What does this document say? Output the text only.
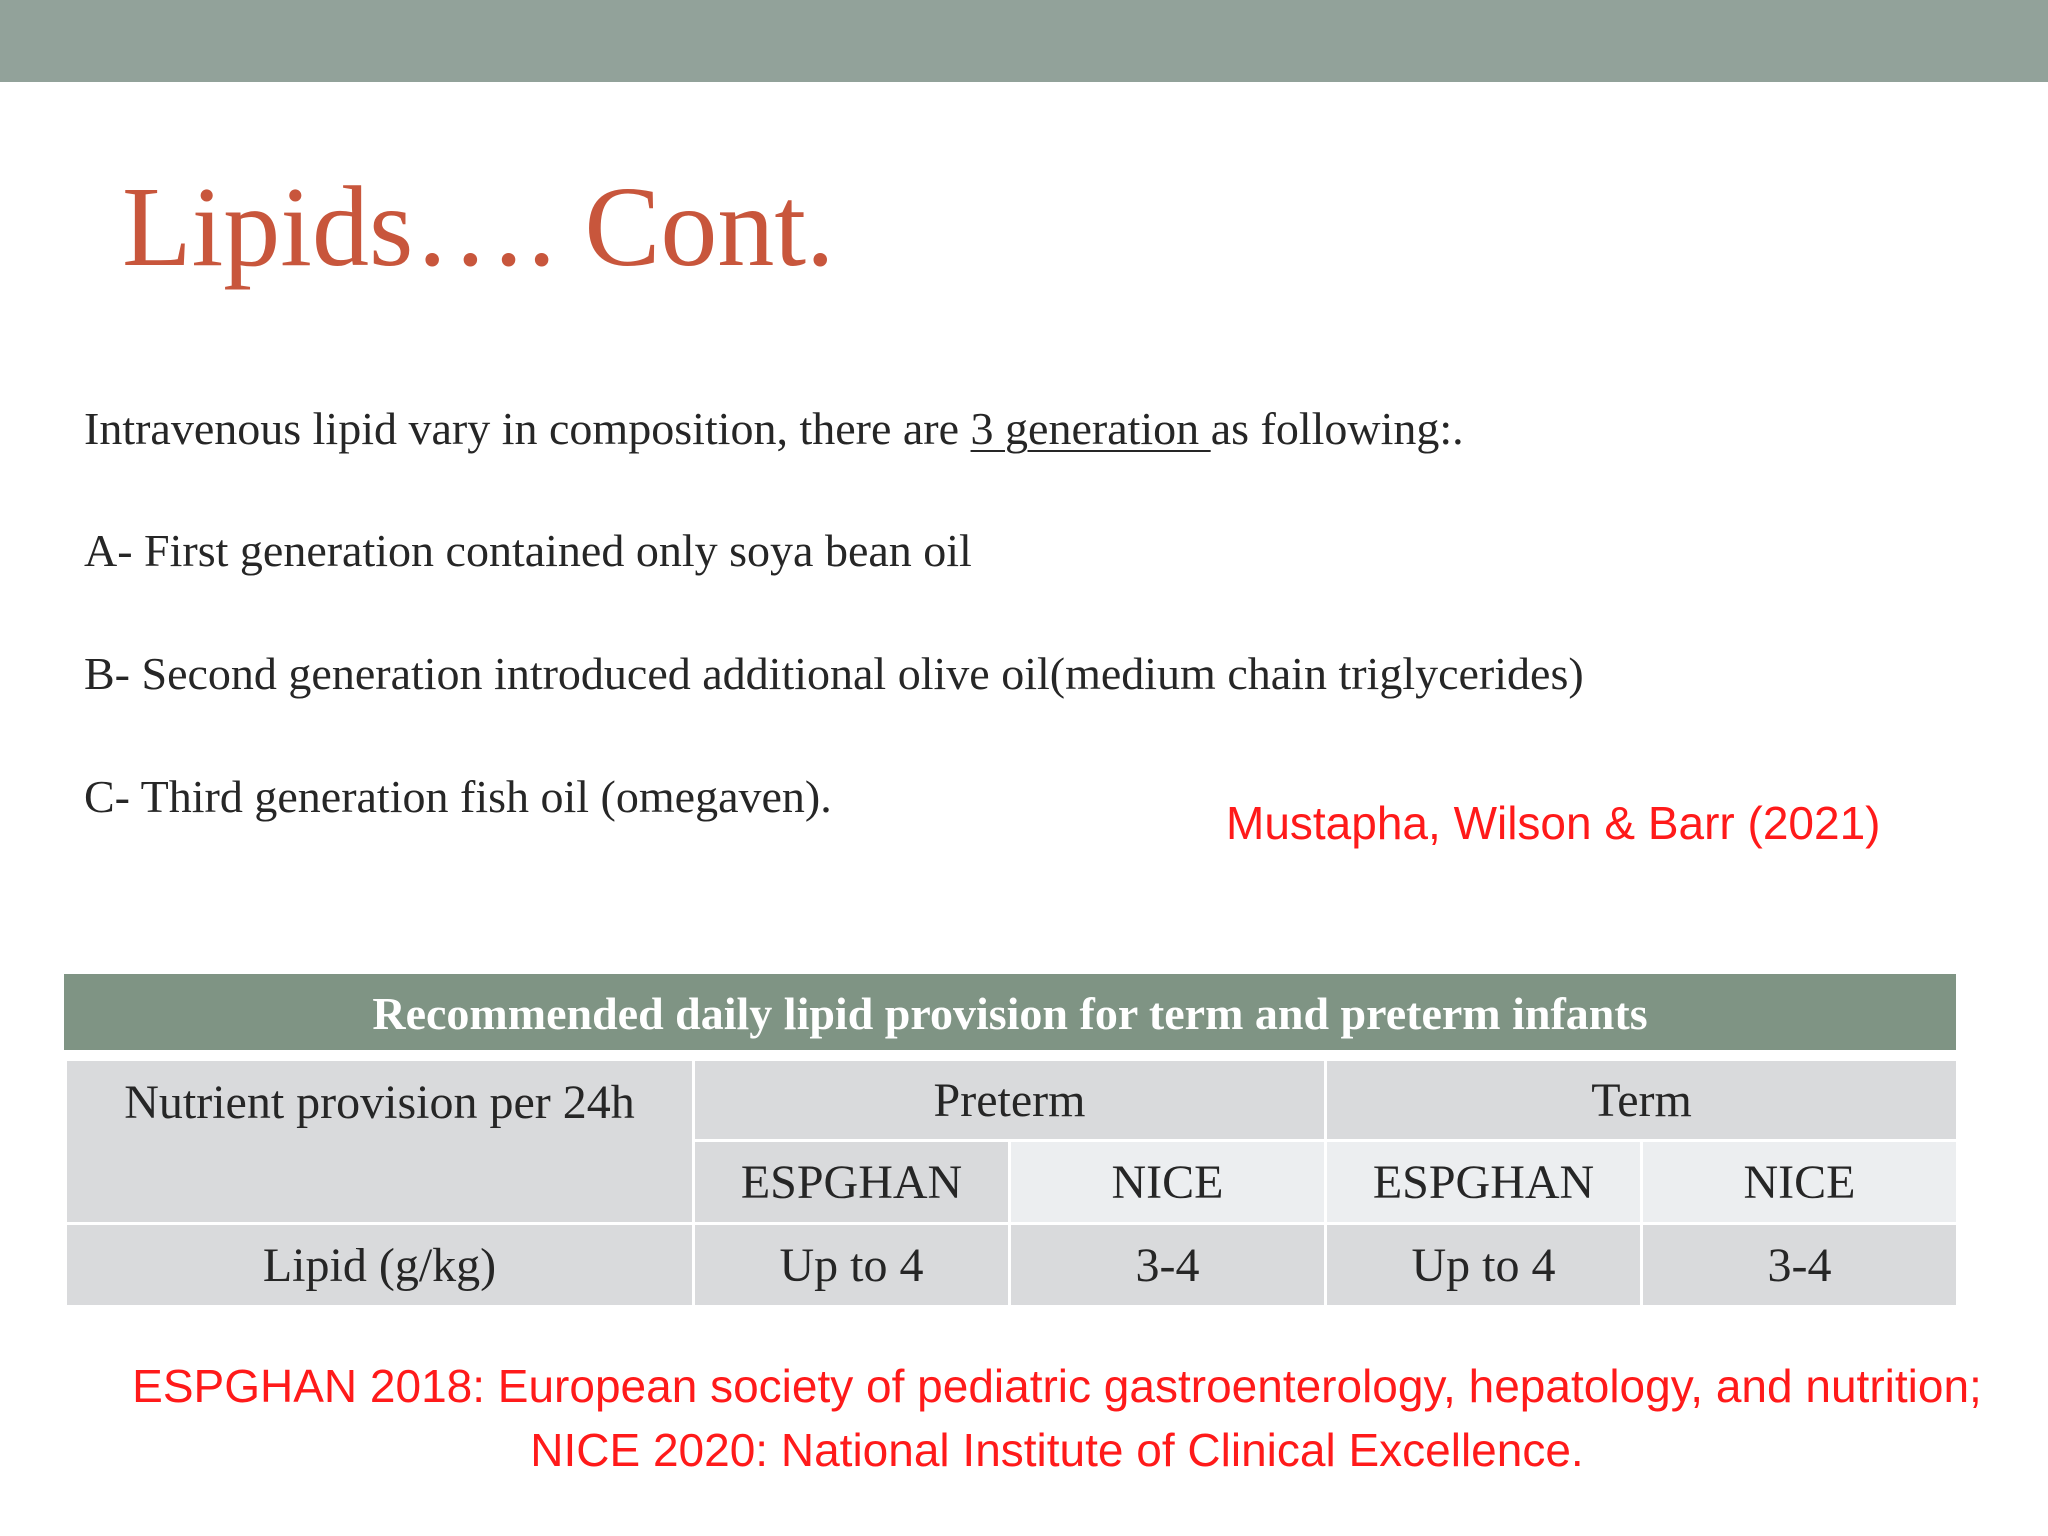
Lipids…. Cont.
Intravenous lipid vary in composition, there are 3 generation as following:.
A- First generation contained only soya bean oil
B- Second generation introduced additional olive oil(medium chain triglycerides)
C- Third generation fish oil (omegaven).
Mustapha, Wilson & Barr (2021)
Recommended daily lipid provision for term and preterm infants
Nutrient provision per 24h	Preterm		Term	
	ESPGHAN	NICE	ESPGHAN	NICE
Lipid (g/kg)	Up to 4	3-4	Up to 4	3-4
ESPGHAN 2018: European society of pediatric gastroenterology, hepatology, and nutrition; NICE 2020: National Institute of Clinical Excellence.
